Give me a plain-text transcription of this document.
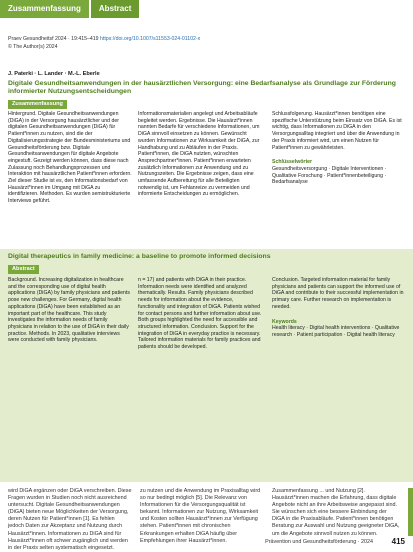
Zusammenfassung	Abstract
Praev Gesundheitsf 2024 · 19:415–419 https://doi.org/10.1007/s11553-024-01102-x
© The Author(s) 2024
J. Paterki · L. Lander · M.-L. Eberle
Digitale Gesundheitsanwendungen in der hausärztlichen Versorgung: eine Bedarfsanalyse als Grundlage zur Förderung informierter Nutzungsentscheidungen
Zusammenfassung
Hintergrund. Digitale Gesundheitsanwendungen (DiGA) in der Versorgung hausärztlicher und der digitalen Gesundheitsanwendungen (DiGA) für Patient*innen zu nutzen, sind die der Digitalisierungsstrategie der Bundesministeriums und Gesundheitsförderung bzw. Digitale Gesundheitsanwendungen für digitale Angebote eingestuft. Gezeigt werden können, dass diese nach Zulassung noch Behandlungsprozessen und Interaktion mit hausärztlichen Patient*innen erfordern. Ziel dieser Studie ist es, den Informationsbedarf von Hausärzt*innen im Umgang mit DiGA zu identifizieren. Methoden. Es wurden semistrukturierte Interviews geführt.
Informationsmaterialien angelegt und Arbeitsabläufe begleitet werden. Ergebnisse. Die Hausärzt*innen nannten Bedarfe für verschiedene Informationen, um DiGA sinnvoll einsetzen zu können. Gewünscht wurden Informationen zur Wirksamkeit der DiGA, zur Handhabung und zu Abläufen in der Praxis. Patient*innen, die DiGA nutzten, wünschten Ansprechpartner*innen. Patient*innen erwarteten zusätzlich Informationen zur Anwendung und zu Nutzungszeiten. Die Ergebnisse zeigen, dass eine umfassende Aufbereitung für alle Beteiligten notwendig ist, um Fehlanreize zu vermeiden und informierte Entscheidungen zu ermöglichen.
Schlussfolgerung. Hausärzt*innen benötigen eine spezifische Unterstützung beim Einsatz von DiGA. Es ist wichtig, dass Informationen zu DiGA in den Versorgungsalltag integriert und über die Anwendung in der Praxis informiert wird, um einen Nutzen für Patient*innen zu gewährleisten.
Schlüsselwörter
Gesundheitsversorgung · Digitale Interventionen · Qualitative Forschung · Patient*innenbeteiligung · Bedarfsanalyse
Digital therapeutics in family medicine: a baseline to promote informed decisions
Abstract
Background. Increasing digitalization in healthcare and the corresponding use of digital health applications (DiGA) by family physicians and patients pose new challenges. For Germany, digital health applications (DiGA) have been established as an important part of the healthcare. This study investigates the information needs of family physicians in relation to the use of DiGA in their daily practice. Methods. In 2023, qualitative interviews were conducted with family physicians.
n = 17) and patients with DiGA in their practice. Information needs were identified and analyzed thematically. Results. Family physicians described needs for information about the evidence, functionality and integration of DiGA. Patients wished for contact persons and further information about use. Both groups highlighted the need for accessible and structured information. Conclusion. Support for the integration of DiGA in everyday practice is necessary. Tailored information materials for family practices and patients should be developed.
Conclusion. Targeted information material for family physicians and patients can support the informed use of DiGA and contribute to their successful implementation in primary care. Further research on implementation is needed.
Keywords
Health literacy · Digital health interventions · Qualitative research · Patient participation · Digital health literacy
wird DiGA ergänzen oder DiGA verschreiben. Diese Fragen wurden in Studien noch nicht ausreichend untersucht. Digitale Gesundheitsanwendungen (DiGA) bieten neue Möglichkeiten der Versorgung, deren Nutzen für Patient*innen [1]. Es fehlen jedoch Daten zur Akzeptanz und Nutzung durch Hausärzt*innen. Informationen zu DiGA sind für Hausärzt*innen oft schwer zugänglich und werden in der Praxis selten systematisch eingesetzt.
zu nutzen und die Anwendung im Praxisalltag wird so nur bedingt möglich [5]. Die Relevanz von Informationen für die Versorgungsqualität ist bekannt. Informationen zur Nutzung, Wirksamkeit und Kosten sollten Hausärzt*innen zur Verfügung stehen. Patient*innen mit chronischen Erkrankungen erhalten DiGA häufig über Empfehlungen ihrer Hausärzt*innen.
Zusammenfassung ... und Nutzung [2]. Hausärzt*innen machen die Erfahrung, dass digitale Angebote nicht an ihre Arbeitsweise angepasst sind. Sie wünschen sich eine bessere Einbindung der DiGA in die Praxisabläufe. Patient*innen benötigen Beratung zur Auswahl und Nutzung geeigneter DiGA, um die Angebote sinnvoll nutzen zu können.
Prävention und Gesundheitsförderung · 2024 415
